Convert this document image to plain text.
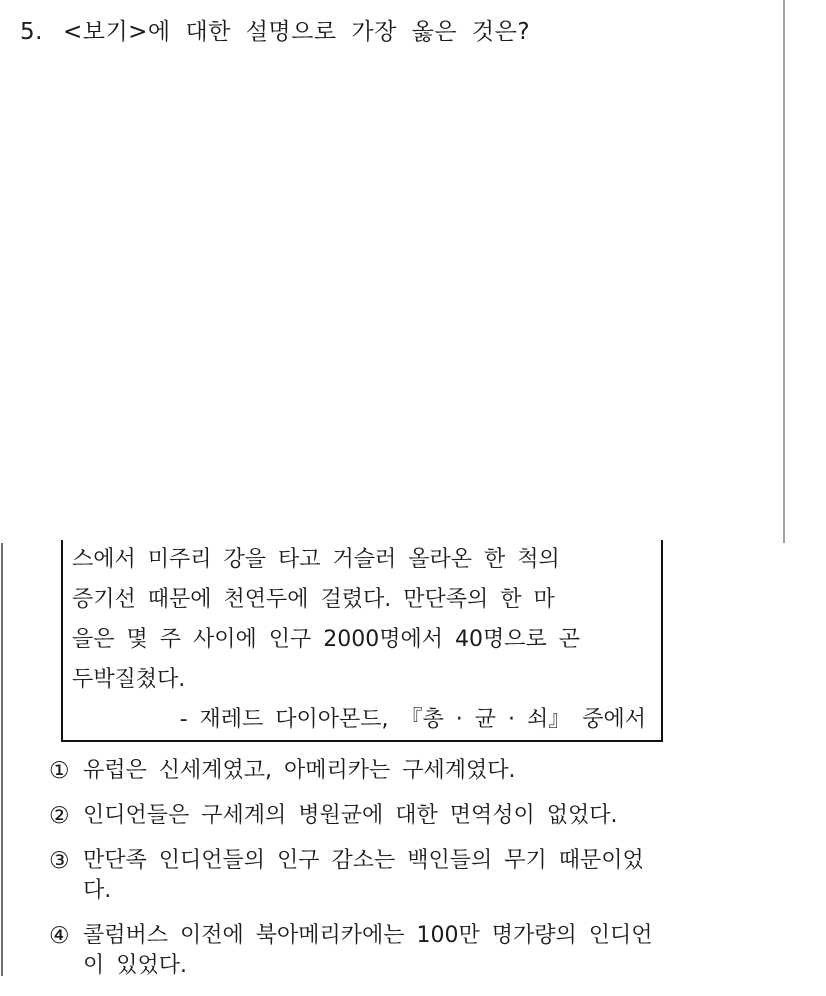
5. <보기>에 대한 설명으로 가장 옳은 것은?
스에서 미주리 강을 타고 거슬러 올라온 한 척의
증기선 때문에 천연두에 걸렸다. 만단족의 한 마
을은 몇 주 사이에 인구 2000명에서 40명으로 곤
두박질쳤다.
- 재레드 다이아몬드, 『총 · 균 · 쇠』 중에서
① 유럽은 신세계였고, 아메리카는 구세계였다.
② 인디언들은 구세계의 병원균에 대한 면역성이 없었다.
③ 만단족 인디언들의 인구 감소는 백인들의 무기 때문이었
다.
④ 콜럼버스 이전에 북아메리카에는 100만 명가량의 인디언
이 있었다.
